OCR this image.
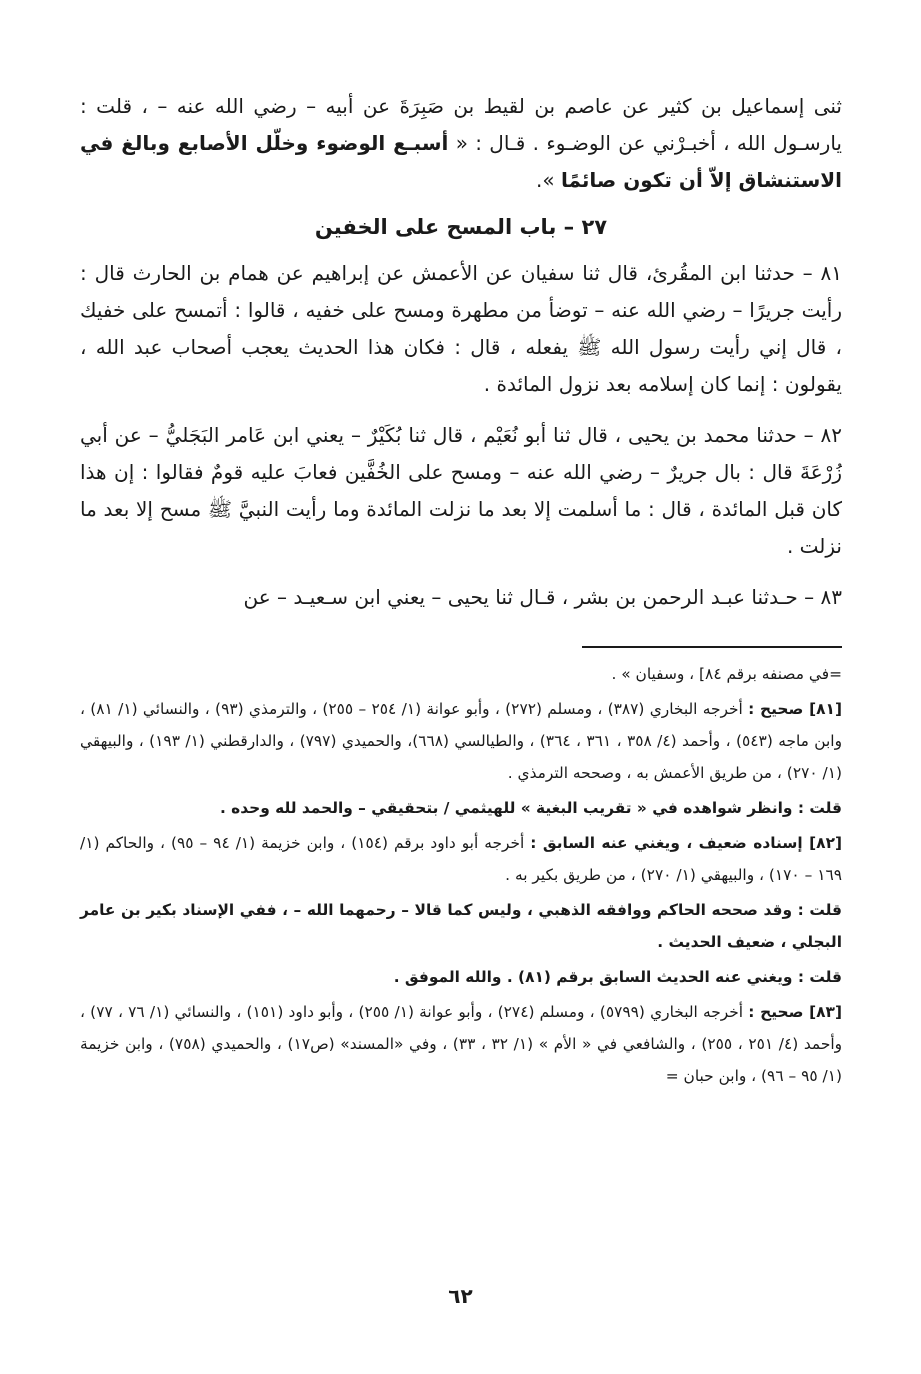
ثنى إسماعيل بن كثير عن عاصم بن لقيط بن صَبِرَةَ عن أبيه – رضي الله عنه – ، قلت : يارسـول الله ، أخبـرْني عن الوضـوء . قـال : « أسبـع الوضوء وخلّل الأصابع وبالغ في الاستنشاق إلاّ أن تكون صائمًا ».

٢٧ – باب المسح على الخفين

٨١ – حدثنا ابن المقُرئ، قال ثنا سفيان عن الأعمش عن إبراهيم عن همام بن الحارث قال : رأيت جريرًا – رضي الله عنه – توضأ من مطهرة ومسح على خفيه ، قالوا : أتمسح على خفيك ، قال إني رأيت رسول الله ﷺ يفعله ، قال : فكان هذا الحديث يعجب أصحاب عبد الله ، يقولون : إنما كان إسلامه بعد نزول المائدة .

٨٢ – حدثنا محمد بن يحيى ، قال ثنا أبو نُعَيْم ، قال ثنا بُكَيْرٌ – يعني ابن عَامر البَجَليُّ – عن أبي زُرْعَةَ قال : بال جريرٌ – رضي الله عنه – ومسح على الخُفَّين فعابَ عليه قومٌ فقالوا : إن هذا كان قبل المائدة ، قال : ما أسلمت إلا بعد ما نزلت المائدة وما رأيت النبيَّ ﷺ مسح إلا بعد ما نزلت .

٨٣ – حـدثنا عبـد الرحمن بن بشر ، قـال ثنا يحيى – يعني ابن سـعيـد – عن

=في مصنفه برقم ٨٤] ، وسفيان » .

[٨١] صحيح : أخرجه البخاري (٣٨٧) ، ومسلم (٢٧٢) ، وأبو عوانة (١/ ٢٥٤ – ٢٥٥) ، والترمذي (٩٣) ، والنسائي (١/ ٨١) ، وابن ماجه (٥٤٣) ، وأحمد (٤/ ٣٥٨ ، ٣٦١ ، ٣٦٤) ، والطيالسي (٦٦٨)، والحميدي (٧٩٧) ، والدارقطني (١/ ١٩٣) ، والبيهقي (١/ ٢٧٠) ، من طريق الأعمش به ، وصححه الترمذي .

قلت : وانظر شواهده في « تقريب البغية » للهيثمي / بتحقيقي – والحمد لله وحده .

[٨٢] إسناده ضعيف ، ويغني عنه السابق : أخرجه أبو داود برقم (١٥٤) ، وابن خزيمة (١/ ٩٤ – ٩٥) ، والحاكم (١/ ١٦٩ – ١٧٠) ، والبيهقي (١/ ٢٧٠) ، من طريق بكير به .

قلت : وقد صححه الحاكم ووافقه الذهبي ، وليس كما قالا – رحمهما الله – ، ففي الإسناد بكير بن عامر البجلي ، ضعيف الحديث .

قلت : ويغني عنه الحديث السابق برقم (٨١) . والله الموفق .

[٨٣] صحيح : أخرجه البخاري (٥٧٩٩) ، ومسلم (٢٧٤) ، وأبو عوانة (١/ ٢٥٥) ، وأبو داود (١٥١) ، والنسائي (١/ ٧٦ ، ٧٧) ، وأحمد (٤/ ٢٥١ ، ٢٥٥) ، والشافعي في « الأم » (١/ ٣٢ ، ٣٣) ، وفي «المسند» (ص١٧) ، والحميدي (٧٥٨) ، وابن خزيمة (١/ ٩٥ – ٩٦) ، وابن حبان =

٦٢
